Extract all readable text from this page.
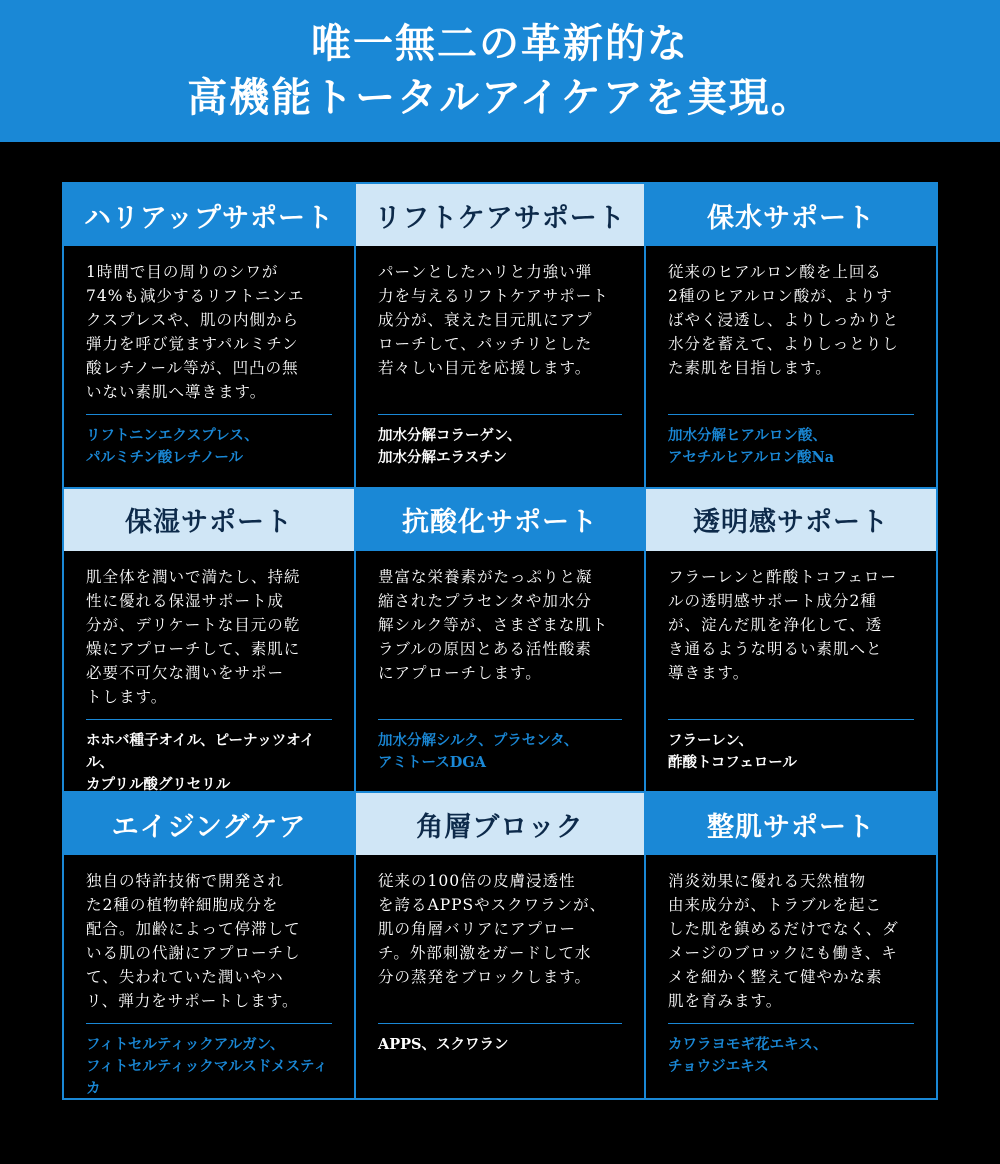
唯一無二の革新的な
高機能トータルアイケアを実現。
ハリアップサポート
1時間で目の周りのシワが
74%も減少するリフトニンエ
クスプレスや、肌の内側から
弾力を呼び覚ますパルミチン
酸レチノール等が、凹凸の無
いない素肌へ導きます。
リフトニンエクスプレス、
パルミチン酸レチノール
リフトケアサポート
パーンとしたハリと力強い弾
力を与えるリフトケアサポート
成分が、衰えた目元肌にアプ
ローチして、パッチリとした
若々しい目元を応援します。
加水分解コラーゲン、
加水分解エラスチン
保水サポート
従来のヒアルロン酸を上回る
2種のヒアルロン酸が、よりす
ばやく浸透し、よりしっかりと
水分を蓄えて、よりしっとりし
た素肌を目指します。
加水分解ヒアルロン酸、
アセチルヒアルロン酸Na
保湿サポート
肌全体を潤いで満たし、持続
性に優れる保湿サポート成
分が、デリケートな目元の乾
燥にアプローチして、素肌に
必要不可欠な潤いをサポー
トします。
ホホバ種子オイル、ピーナッツオイル、
カプリル酸グリセリル
抗酸化サポート
豊富な栄養素がたっぷりと凝
縮されたプラセンタや加水分
解シルク等が、さまざまな肌ト
ラブルの原因とある活性酸素
にアプローチします。
加水分解シルク、プラセンタ、
アミトースDGA
透明感サポート
フラーレンと酢酸トコフェロー
ルの透明感サポート成分2種
が、淀んだ肌を浄化して、透
き通るような明るい素肌へと
導きます。
フラーレン、
酢酸トコフェロール
エイジングケア
独自の特許技術で開発され
た2種の植物幹細胞成分を
配合。加齢によって停滞して
いる肌の代謝にアプローチし
て、失われていた潤いやハ
リ、弾力をサポートします。
フィトセルティックアルガン、
フィトセルティックマルスドメスティカ
角層ブロック
従来の100倍の皮膚浸透性
を誇るAPPSやスクワランが、
肌の角層バリアにアプロー
チ。外部刺激をガードして水
分の蒸発をブロックします。
APPS、スクワラン
整肌サポート
消炎効果に優れる天然植物
由来成分が、トラブルを起こ
した肌を鎮めるだけでなく、ダ
メージのブロックにも働き、キ
メを細かく整えて健やかな素
肌を育みます。
カワラヨモギ花エキス、
チョウジエキス
